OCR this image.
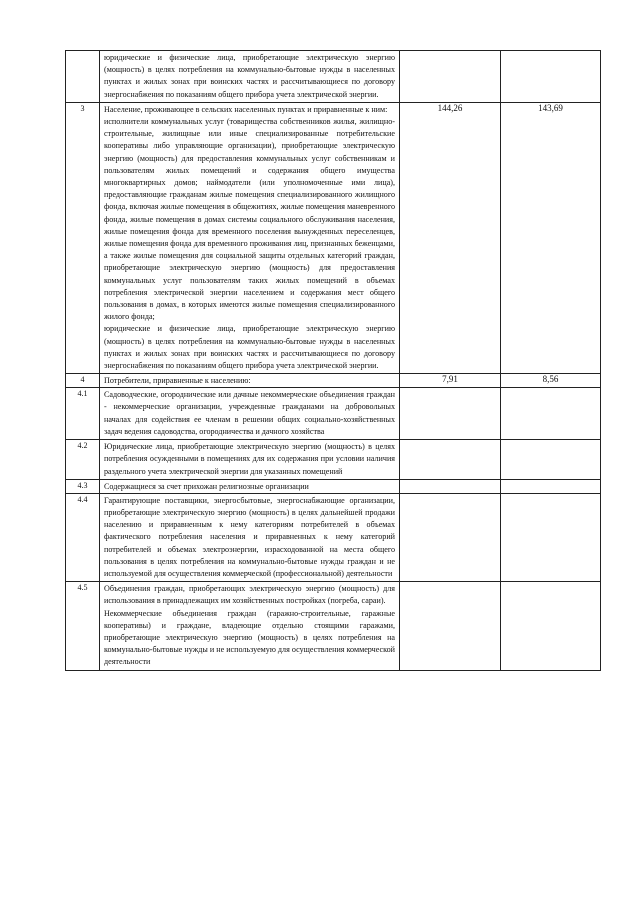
	юридические и физические лица, приобретающие электрическую энергию (мощность) в целях потребления на коммунально-бытовые нужды в населенных пунктах и жилых зонах при воинских частях и рассчитывающиеся по договору энергоснабжения по показаниям общего прибора учета электрической энергии.		

3	Население, проживающее в сельских населенных пунктах и приравненные к ним:

исполнители коммунальных услуг (товарищества собственников жилья, жилищно-строительные, жилищные или иные специализированные потребительские кооперативы либо управляющие организации), приобретающие электрическую энергию (мощность) для предоставления коммунальных услуг собственникам и пользователям жилых помещений и содержания общего имущества многоквартирных домов; наймодатели (или уполномоченные ими лица), предоставляющие гражданам жилые помещения специализированного жилищного фонда, включая жилые помещения в общежитиях, жилые помещения маневренного фонда, жилые помещения в домах системы социального обслуживания населения, жилые помещения фонда для временного поселения вынужденных переселенцев, жилые помещения фонда для временного проживания лиц, признанных беженцами, а также жилые помещения для социальной защиты отдельных категорий граждан, приобретающие электрическую энергию (мощность) для предоставления коммунальных услуг пользователям таких жилых помещений в объемах потребления электрической энергии населением и содержания мест общего пользования в домах, в которых имеются жилые помещения специализированного жилого фонда;

юридические и физические лица, приобретающие электрическую энергию (мощность) в целях потребления на коммунально-бытовые нужды в населенных пунктах и жилых зонах при воинских частях и рассчитывающиеся по договору энергоснабжения по показаниям общего прибора учета электрической энергии.	144,26	143,69
4	Потребители, приравненные к населению:	7,91	8,56
4.1	Садоводческие, огороднические или дачные некоммерческие объединения граждан - некоммерческие организации, учрежденные гражданами на добровольных началах для содействия ее членам в решении общих социально-хозяйственных задач ведения садоводства, огородничества и дачного хозяйства		

4.2	Юридические лица, приобретающие электрическую энергию (мощность) в целях потребления осужденными в помещениях для их содержания при условии наличия раздельного учета электрической энергии для указанных помещений		

4.3	Содержащиеся за счет прихожан религиозные организации		

4.4	Гарантирующие поставщики, энергосбытовые, энергоснабжающие организации, приобретающие электрическую энергию (мощность) в целях дальнейшей продажи населению и приравненным к нему категориям потребителей в объемах фактического потребления населения и приравненных к нему категорий потребителей и объемах электроэнергии, израсходованной на места общего пользования в целях потребления на коммунально-бытовые нужды граждан и не используемой для осуществления коммерческой (профессиональной) деятельности		

4.5	Объединения граждан, приобретающих электрическую энергию (мощность) для использования в принадлежащих им хозяйственных постройках (погреба, сараи).

Некоммерческие объединения граждан (гаражно-строительные, гаражные кооперативы) и граждане, владеющие отдельно стоящими гаражами, приобретающие электрическую энергию (мощность) в целях потребления на коммунально-бытовые нужды и не используемую для осуществления коммерческой деятельности		
